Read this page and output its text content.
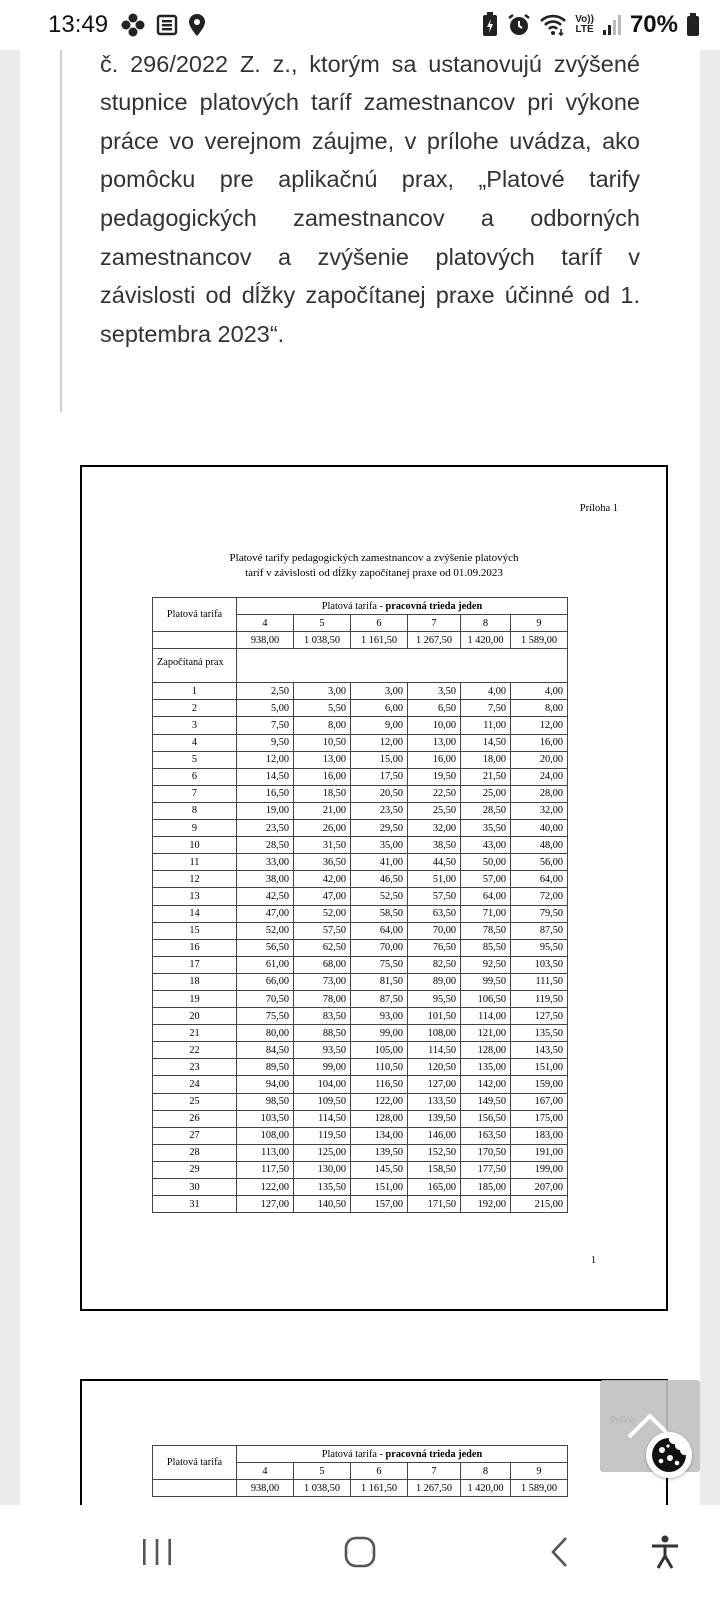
č. 296/2022 Z. z., ktorým sa ustanovujú zvýšené stupnice platových taríf zamestnancov pri výkone práce vo verejnom záujme, v prílohe uvádza, ako pomôcku pre aplikačnú prax, „Platové tarify pedagogických zamestnancov a odborných zamestnancov a zvýšenie platových taríf v závislosti od dĺžky započítanej praxe účinné od 1. septembra 2023“.

Príloha 1
Platové tarify pedagogických zamestnancov a zvýšenie platových
taríf v závislosti od dĺžky započítanej praxe od 01.09.2023
Platová tarifa	Platová tarifa - pracovná trieda jeden					
	4	5	6	7	8	9
	938,00	1 038,50	1 161,50	1 267,50	1 420,00	1 589,00
Započítaná prax						
1	2,50	3,00	3,00	3,50	4,00	4,00
2	5,00	5,50	6,00	6,50	7,50	8,00
3	7,50	8,00	9,00	10,00	11,00	12,00
4	9,50	10,50	12,00	13,00	14,50	16,00
5	12,00	13,00	15,00	16,00	18,00	20,00
6	14,50	16,00	17,50	19,50	21,50	24,00
7	16,50	18,50	20,50	22,50	25,00	28,00
8	19,00	21,00	23,50	25,50	28,50	32,00
9	23,50	26,00	29,50	32,00	35,50	40,00
10	28,50	31,50	35,00	38,50	43,00	48,00
11	33,00	36,50	41,00	44,50	50,00	56,00
12	38,00	42,00	46,50	51,00	57,00	64,00
13	42,50	47,00	52,50	57,50	64,00	72,00
14	47,00	52,00	58,50	63,50	71,00	79,50
15	52,00	57,50	64,00	70,00	78,50	87,50
16	56,50	62,50	70,00	76,50	85,50	95,50
17	61,00	68,00	75,50	82,50	92,50	103,50
18	66,00	73,00	81,50	89,00	99,50	111,50
19	70,50	78,00	87,50	95,50	106,50	119,50
20	75,50	83,50	93,00	101,50	114,00	127,50
21	80,00	88,50	99,00	108,00	121,00	135,50
22	84,50	93,50	105,00	114,50	128,00	143,50
23	89,50	99,00	110,50	120,50	135,00	151,00
24	94,00	104,00	116,50	127,00	142,00	159,00
25	98,50	109,50	122,00	133,50	149,50	167,00
26	103,50	114,50	128,00	139,50	156,50	175,00
27	108,00	119,50	134,00	146,00	163,50	183,00
28	113,00	125,00	139,50	152,50	170,50	191,00
29	117,50	130,00	145,50	158,50	177,50	199,00
30	122,00	135,50	151,00	165,00	185,00	207,00
31	127,00	140,50	157,00	171,50	192,00	215,00
1
Platová tarifa	Platová tarifa - pracovná trieda jeden					
	4	5	6	7	8	9
	938,00	1 038,50	1 161,50	1 267,50	1 420,00	1 589,00
13:49	Vo))
LTE 70%
